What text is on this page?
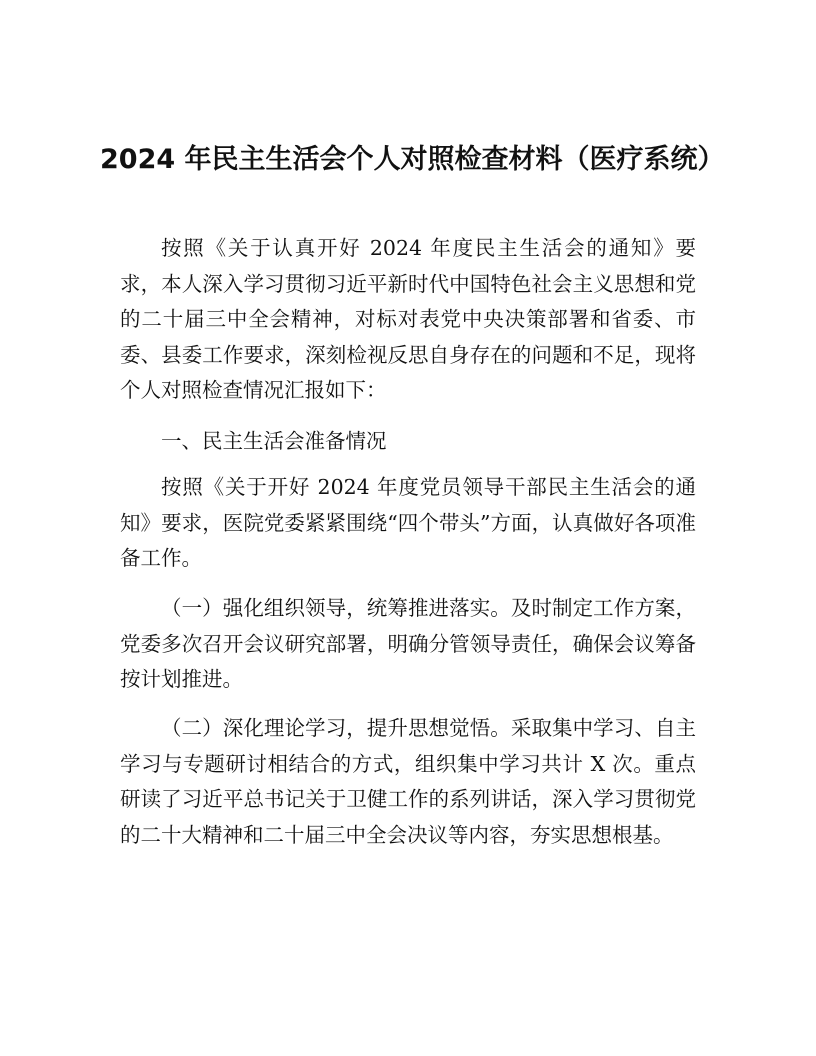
2024 年民主生活会个人对照检查材料（医疗系统）

按照《关于认真开好 2024 年度民主生活会的通知》要求，本人深入学习贯彻习近平新时代中国特色社会主义思想和党的二十届三中全会精神，对标对表党中央决策部署和省委、市委、县委工作要求，深刻检视反思自身存在的问题和不足，现将个人对照检查情况汇报如下：

一、民主生活会准备情况

按照《关于开好 2024 年度党员领导干部民主生活会的通知》要求，医院党委紧紧围绕“四个带头”方面，认真做好各项准备工作。

（一）强化组织领导，统筹推进落实。及时制定工作方案，党委多次召开会议研究部署，明确分管领导责任，确保会议筹备按计划推进。

（二）深化理论学习，提升思想觉悟。采取集中学习、自主学习与专题研讨相结合的方式，组织集中学习共计 X 次。重点研读了习近平总书记关于卫健工作的系列讲话，深入学习贯彻党的二十大精神和二十届三中全会决议等内容，夯实思想根基。
